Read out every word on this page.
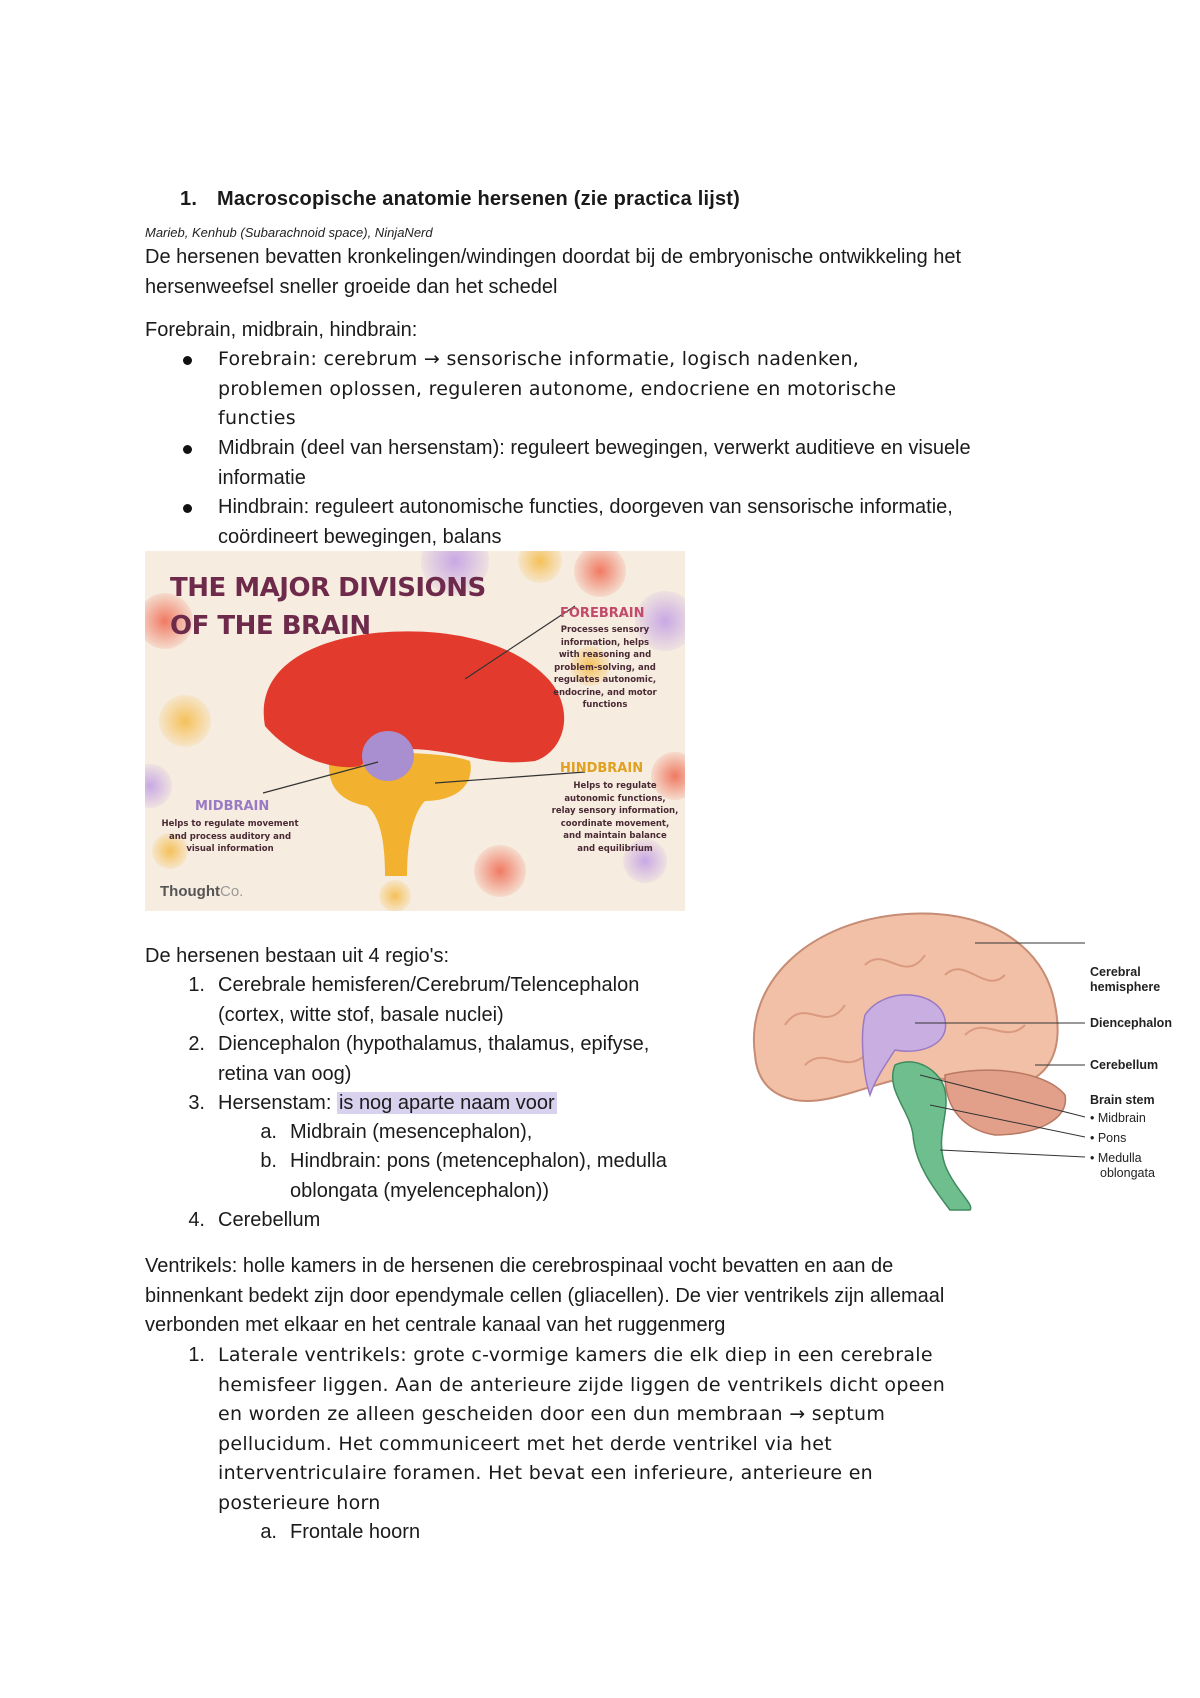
1. Macroscopische anatomie hersenen (zie practica lijst)
Marieb, Kenhub (Subarachnoid space), NinjaNerd
De hersenen bevatten kronkelingen/windingen doordat bij de embryonische ontwikkeling het
hersenweefsel sneller groeide dan het schedel
Forebrain, midbrain, hindbrain:
Forebrain: cerebrum → sensorische informatie, logisch nadenken,
problemen oplossen, reguleren autonome, endocriene en motorische
functies
Midbrain (deel van hersenstam): reguleert bewegingen, verwerkt auditieve en visuele
informatie
Hindbrain: reguleert autonomische functies, doorgeven van sensorische informatie,
coördineert bewegingen, balans
THE MAJOR DIVISIONS
OF THE BRAIN	FOREBRAIN
Processes sensory
information, helps
with reasoning and
problem-solving, and
regulates autonomic,
endocrine, and motor
functions
HINDBRAIN
Helps to regulate
autonomic functions,
relay sensory information,
coordinate movement,
and maintain balance
and equilibrium
MIDBRAIN
Helps to regulate movement
and process auditory and
visual information
ThoughtCo.
De hersenen bestaan uit 4 regio's:
1. Cerebrale hemisferen/Cerebrum/Telencephalon
(cortex, witte stof, basale nuclei)
2. Diencephalon (hypothalamus, thalamus, epifyse,
retina van oog)
3. Hersenstam: is nog aparte naam voor
a. Midbrain (mesencephalon),
b. Hindbrain: pons (metencephalon), medulla
oblongata (myelencephalon))
4. Cerebellum
Cerebral
hemisphere
Diencephalon
Cerebellum
Brain stem
• Midbrain
• Pons
• Medulla
oblongata
Ventrikels: holle kamers in de hersenen die cerebrospinaal vocht bevatten en aan de
binnenkant bedekt zijn door ependymale cellen (gliacellen). De vier ventrikels zijn allemaal
verbonden met elkaar en het centrale kanaal van het ruggenmerg
1. Laterale ventrikels: grote c-vormige kamers die elk diep in een cerebrale
hemisfeer liggen. Aan de anterieure zijde liggen de ventrikels dicht opeen
en worden ze alleen gescheiden door een dun membraan → septum
pellucidum. Het communiceert met het derde ventrikel via het
interventriculaire foramen. Het bevat een inferieure, anterieure en
posterieure horn
a. Frontale hoorn
